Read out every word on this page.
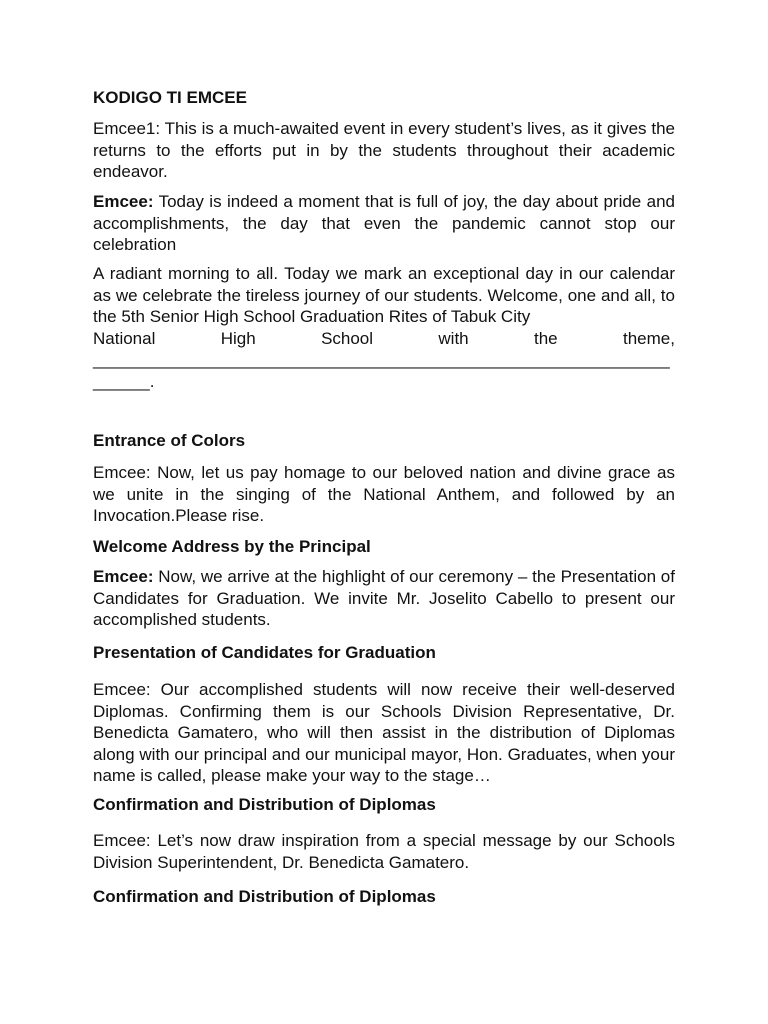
KODIGO TI EMCEE

Emcee1: This is a much-awaited event in every student’s lives, as it gives the returns to the efforts put in by the students throughout their academic endeavor.

Emcee: Today is indeed a moment that is full of joy, the day about pride and accomplishments, the day that even the pandemic cannot stop our celebration

A radiant morning to all. Today we mark an exceptional day in our calendar as we celebrate the tireless journey of our students. Welcome, one and all, to the 5th Senior High School Graduation Rites of Tabuk City
National	High	School	with	the	theme,
_____________________________________________________________
______.
Entrance of Colors

Emcee: Now, let us pay homage to our beloved nation and divine grace as we unite in the singing of the National Anthem, and followed by an Invocation.Please rise.

Welcome Address by the Principal

Emcee: Now, we arrive at the highlight of our ceremony – the Presentation of Candidates for Graduation. We invite Mr. Joselito Cabello to present our accomplished students.

Presentation of Candidates for Graduation

Emcee: Our accomplished students will now receive their well-deserved Diplomas. Confirming them is our Schools Division Representative, Dr. Benedicta Gamatero, who will then assist in the distribution of Diplomas along with our principal and our municipal mayor, Hon. Graduates, when your name is called, please make your way to the stage…

Confirmation and Distribution of Diplomas

Emcee: Let’s now draw inspiration from a special message by our Schools Division Superintendent, Dr. Benedicta Gamatero.

Confirmation and Distribution of Diplomas
